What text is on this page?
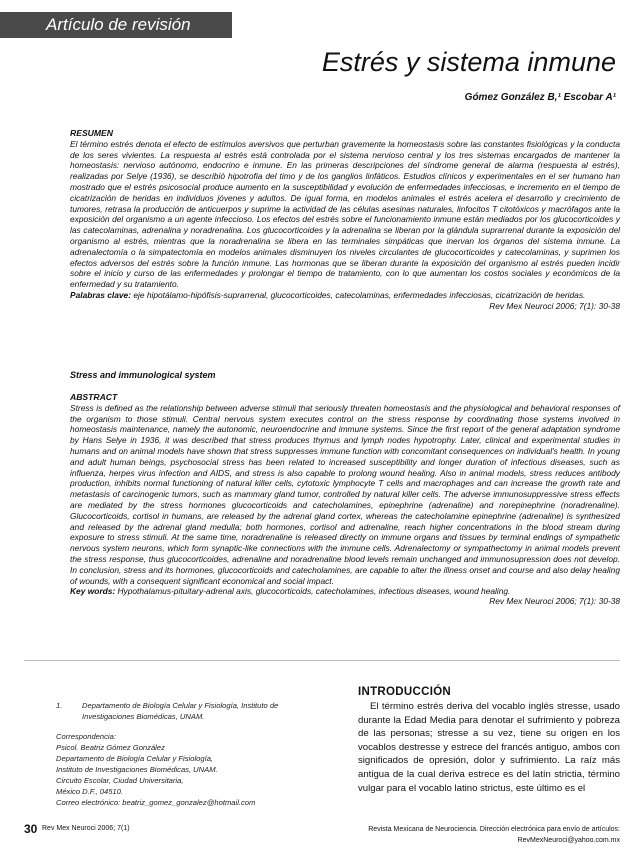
Artículo de revisión
Estrés y sistema inmune
Gómez González B,¹ Escobar A¹
RESUMEN

El término estrés denota el efecto de estímulos aversivos que perturban gravemente la homeostasis sobre las constantes fisiológicas y la conducta de los seres vivientes. La respuesta al estrés está controlada por el sistema nervioso central y los tres sistemas encargados de mantener la homeostasis: nervioso autónomo, endocrino e inmune. En las primeras descripciones del síndrome general de alarma (respuesta al estrés), realizadas por Selye (1936), se describió hipotrofia del timo y de los ganglios linfáticos. Estudios clínicos y experimentales en el ser humano han mostrado que el estrés psicosocial produce aumento en la susceptibilidad y evolución de enfermedades infecciosas, e incremento en el tiempo de cicatrización de heridas en individuos jóvenes y adultos. De igual forma, en modelos animales el estrés acelera el desarrollo y crecimiento de tumores, retrasa la producción de anticuerpos y suprime la actividad de las células asesinas naturales, linfocitos T citotóxicos y macrófagos ante la exposición del organismo a un agente infeccioso. Los efectos del estrés sobre el funcionamiento inmune están mediados por los glucocorticoides y las catecolaminas, adrenalina y noradrenalina. Los glucocorticoides y la adrenalina se liberan por la glándula suprarrenal durante la exposición del organismo al estrés, mientras que la noradrenalina se libera en las terminales simpáticas que inervan los órganos del sistema inmune. La adrenalectomía o la simpatectomía en modelos animales disminuyen los niveles circulantes de glucocorticoides y catecolaminas, y suprimen los efectos adversos del estrés sobre la función inmune. Las hormonas que se liberan durante la exposición del organismo al estrés pueden incidir sobre el inicio y curso de las enfermedades y prolongar el tiempo de tratamiento, con lo que aumentan los costos sociales y económicos de la enfermedad y su tratamiento.

Palabras clave: eje hipotálamo-hipófisis-suprarrenal, glucocorticoides, catecolaminas, enfermedades infecciosas, cicatrización de heridas.

Rev Mex Neuroci 2006; 7(1): 30-38

Stress and immunological system
ABSTRACT

Stress is defined as the relationship between adverse stimuli that seriously threaten homeostasis and the physiological and behavioral responses of the organism to those stimuli. Central nervous system executes control on the stress response by coordinating those systems involved in homeostasis maintenance, namely the autonomic, neuroendocrine and immune systems. Since the first report of the general adaptation syndrome by Hans Selye in 1936, it was described that stress produces thymus and lymph nodes hypotrophy. Later, clinical and experimental studies in humans and on animal models have shown that stress suppresses immune function with concomitant consequences on individual's health. In young and adult human beings, psychosocial stress has been related to increased susceptibility and longer duration of infectious diseases, such as influenza, herpes virus infection and AIDS, and stress is also capable to prolong wound healing. Also in animal models, stress reduces antibody production, inhibits normal functioning of natural killer cells, cytotoxic lymphocyte T cells and macrophages and can increase the growth rate and metastasis of carcinogenic tumors, such as mammary gland tumor, controlled by natural killer cells. The adverse immunosuppressive stress effects are mediated by the stress hormones glucocorticoids and catecholamines, epinephrine (adrenaline) and norepinephrine (noradrenaline). Glucocorticoids, cortisol in humans, are released by the adrenal gland cortex, whereas the catecholamine epinephrine (adrenaline) is synthesized and released by the adrenal gland medulla; both hormones, cortisol and adrenaline, reach higher concentrations in the blood stream during exposure to stress stimuli. At the same time, noradrenaline is released directly on immune organs and tissues by terminal endings of sympathetic nervous system neurons, which form synaptic-like connections with the immune cells. Adrenalectomy or sympathectomy in animal models prevent the stress response, thus glucocorticoides, adrenaline and noradrenaline blood levels remain unchanged and immunosupression does not develop. In conclusion, stress and its hormones, glucocorticoids and catecholamines, are capable to alter the illness onset and course and also delay healing of wounds, with a consequent significant economical and social impact.

Key words: Hypothalamus-pituitary-adrenal axis, glucocorticoids, catecholamines, infectious diseases, wound healing.

Rev Mex Neuroci 2006; 7(1): 30-38

1.	Departamento de Biología Celular y Fisiología, Instituto de

Investigaciones Biomédicas, UNAM.

Correspondencia:

Psicol. Beatriz Gómez González

Departamento de Biología Celular y Fisiología,

Instituto de Investigaciones Biomédicas, UNAM.

Circuito Escolar, Ciudad Universitaria,

México D.F., 04510.

Correo electrónico: beatriz_gomez_gonzalez@hotmail.com

INTRODUCCIÓN
El término estrés deriva del vocablo inglés stresse, usado durante la Edad Media para denotar el sufrimiento y pobreza de las personas; stresse a su vez, tiene su origen en los vocablos destresse y estrece del francés antiguo, ambos con significados de opresión, dolor y sufrimiento. La raíz más antigua de la cual deriva estrece es del latín strictia, término vulgar para el vocablo latino strictus, este último es el
30 Rev Mex Neuroci 2006; 7(1)	Revista Mexicana de Neurociencia. Dirección electrónica para envío de artículos:
RevMexNeuroci@yahoo.com.mx
